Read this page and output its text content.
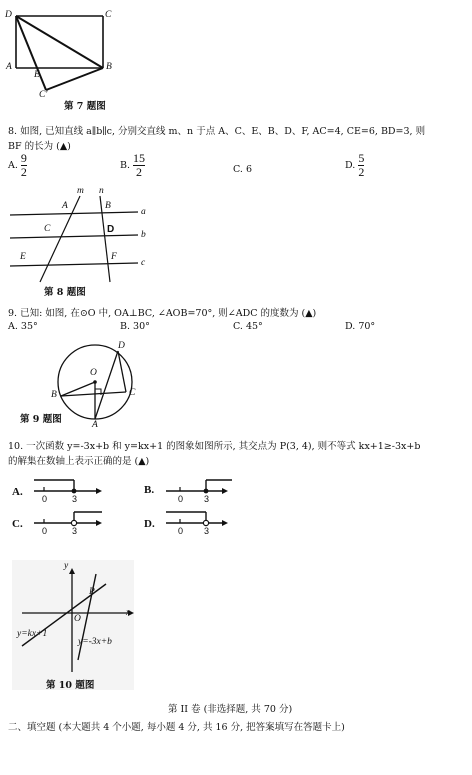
D	C
A
E
B
C'
第 7 题图
8. 如图, 已知直线 a∥b∥c, 分别交直线 m、n 于点 A、C、E、B、D、F, AC=4, CE=6, BD=3, 则
BF 的长为 (▲)
A. $\frac{9}{2}$	B. $\frac{15}{2}$	C. 6	D. $\frac{5}{2}$
m n
A	B
a
C	D	b
E	F
c
第 8 题图
9. 已知: 如图, 在⊙O 中, OA⊥BC, ∠AOB=70°, 则∠ADC 的度数为 (▲)
A. 35°	B. 30°	C. 45°	D. 70°
D
O
B	C
A
第 9 题图
10. 一次函数 y=-3x+b 和 y=kx+1 的图象如图所示, 其交点为 P(3, 4), 则不等式 kx+1≥-3x+b
的解集在数轴上表示正确的是 (▲)
A.	B.
C.	D.
0	3	0 3
0	3	0 3
y
x
P
O
y=kx+1
y=-3x+b
第 10 题图
第 II 卷 (非选择题, 共 70 分)
二、填空题 (本大题共 4 个小题, 每小题 4 分, 共 16 分, 把答案填写在答题卡上)
